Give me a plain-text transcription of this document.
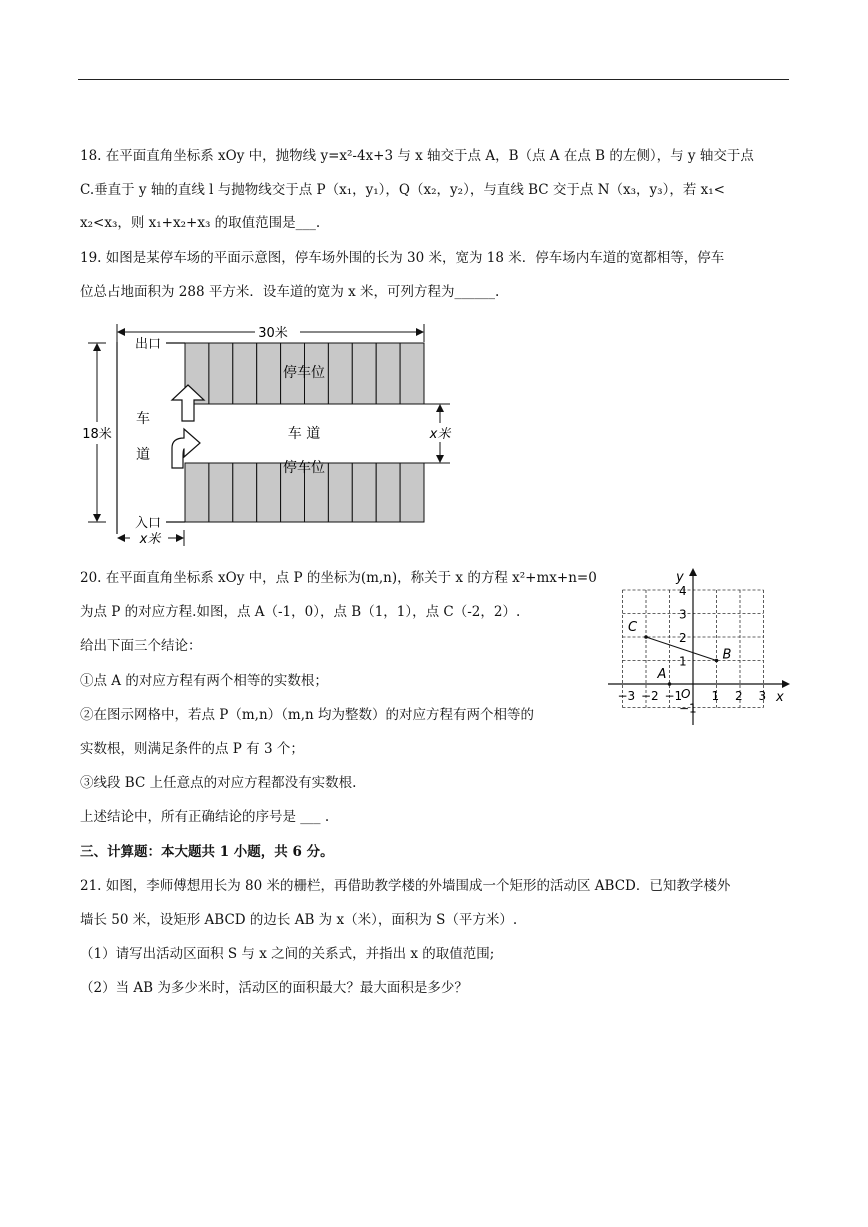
18. 在平面直角坐标系 xOy 中，抛物线 y=x²-4x+3 与 x 轴交于点 A，B（点 A 在点 B 的左侧），与 y 轴交于点
C.垂直于 y 轴的直线 l 与抛物线交于点 P（x₁，y₁），Q（x₂，y₂），与直线 BC 交于点 N（x₃，y₃），若 x₁<
x₂<x₃，则 x₁+x₂+x₃ 的取值范围是___.
19. 如图是某停车场的平面示意图，停车场外围的长为 30 米，宽为 18 米．停车场内车道的宽都相等，停车
位总占地面积为 288 平方米．设车道的宽为 x 米，可列方程为______.
30米
18米
出口
入口
停车位
停车位
车 道
车
道
x米
x米
20. 在平面直角坐标系 xOy 中，点 P 的坐标为(m,n)，称关于 x 的方程 x²+mx+n=0
为点 P 的对应方程.如图，点 A（-1，0），点 B（1，1），点 C（-2，2）.
给出下面三个结论：
①点 A 的对应方程有两个相等的实数根；
②在图示网格中，若点 P（m,n）（m,n 均为整数）的对应方程有两个相等的
实数根，则满足条件的点 P 有 3 个；
③线段 BC 上任意点的对应方程都没有实数根.
上述结论中，所有正确结论的序号是 ___ .
−3 −2 −1 1 2 3
4
3
2
1
−1
A
B
C
x
y
O
三、计算题：本大题共 1 小题，共 6 分。
21. 如图，李师傅想用长为 80 米的栅栏，再借助教学楼的外墙围成一个矩形的活动区 ABCD．已知教学楼外
墙长 50 米，设矩形 ABCD 的边长 AB 为 x（米），面积为 S（平方米）.
（1）请写出活动区面积 S 与 x 之间的关系式，并指出 x 的取值范围;
（2）当 AB 为多少米时，活动区的面积最大？最大面积是多少？
